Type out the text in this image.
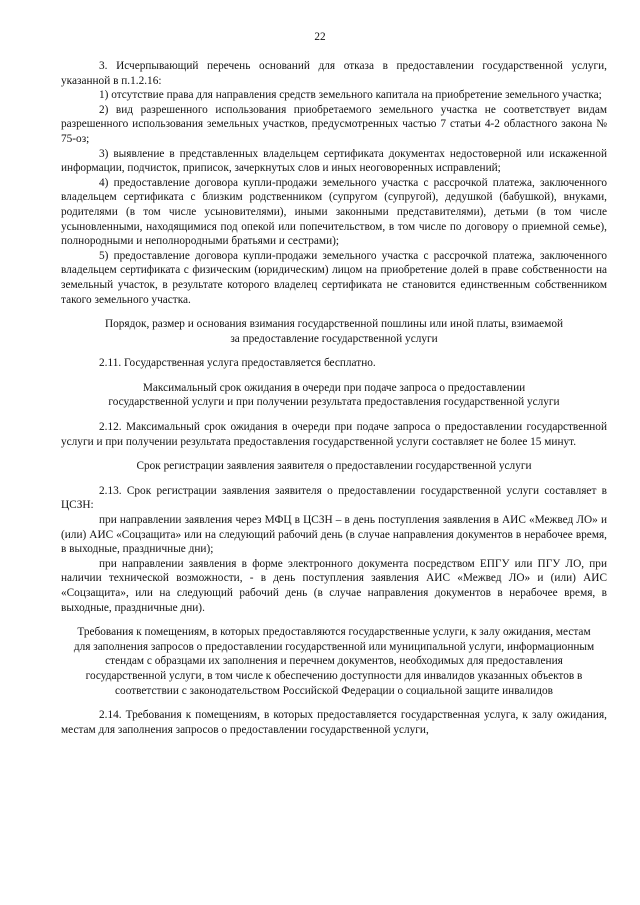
22

3. Исчерпывающий перечень оснований для отказа в предоставлении государственной услуги, указанной в п.1.2.16:

1) отсутствие права для направления средств земельного капитала на приобретение земельного участка;

2) вид разрешенного использования приобретаемого земельного участка не соответствует видам разрешенного использования земельных участков, предусмотренных частью 7 статьи 4-2 областного закона № 75-оз;

3) выявление в представленных владельцем сертификата документах недостоверной или искаженной информации, подчисток, приписок, зачеркнутых слов и иных неоговоренных исправлений;

4) предоставление договора купли-продажи земельного участка с рассрочкой платежа, заключенного владельцем сертификата с близким родственником (супругом (супругой), дедушкой (бабушкой), внуками, родителями (в том числе усыновителями), иными законными представителями), детьми (в том числе усыновленными, находящимися под опекой или попечительством, в том числе по договору о приемной семье), полнородными и неполнородными братьями и сестрами);

5) предоставление договора купли-продажи земельного участка с рассрочкой платежа, заключенного владельцем сертификата с физическим (юридическим) лицом на приобретение долей в праве собственности на земельный участок, в результате которого владелец сертификата не становится единственным собственником такого земельного участка.

Порядок, размер и основания взимания государственной пошлины или иной платы, взимаемой за предоставление государственной услуги

2.11. Государственная услуга предоставляется бесплатно.

Максимальный срок ожидания в очереди при подаче запроса о предоставлении государственной услуги и при получении результата предоставления государственной услуги

2.12. Максимальный срок ожидания в очереди при подаче запроса о предоставлении государственной услуги и при получении результата предоставления государственной услуги составляет не более 15 минут.

Срок регистрации заявления заявителя о предоставлении государственной услуги

2.13. Срок регистрации заявления заявителя о предоставлении государственной услуги составляет в ЦСЗН:

при направлении заявления через МФЦ в ЦСЗН – в день поступления заявления в АИС «Межвед ЛО» и (или) АИС «Соцзащита» или на следующий рабочий день (в случае направления документов в нерабочее время, в выходные, праздничные дни);

при направлении заявления в форме электронного документа посредством ЕПГУ или ПГУ ЛО, при наличии технической возможности, - в день поступления заявления АИС «Межвед ЛО» и (или) АИС «Соцзащита», или на следующий рабочий день (в случае направления документов в нерабочее время, в выходные, праздничные дни).

Требования к помещениям, в которых предоставляются государственные услуги, к залу ожидания, местам для заполнения запросов о предоставлении государственной или муниципальной услуги, информационным стендам с образцами их заполнения и перечнем документов, необходимых для предоставления государственной услуги, в том числе к обеспечению доступности для инвалидов указанных объектов в соответствии с законодательством Российской Федерации о социальной защите инвалидов

2.14. Требования к помещениям, в которых предоставляется государственная услуга, к залу ожидания, местам для заполнения запросов о предоставлении государственной услуги,
